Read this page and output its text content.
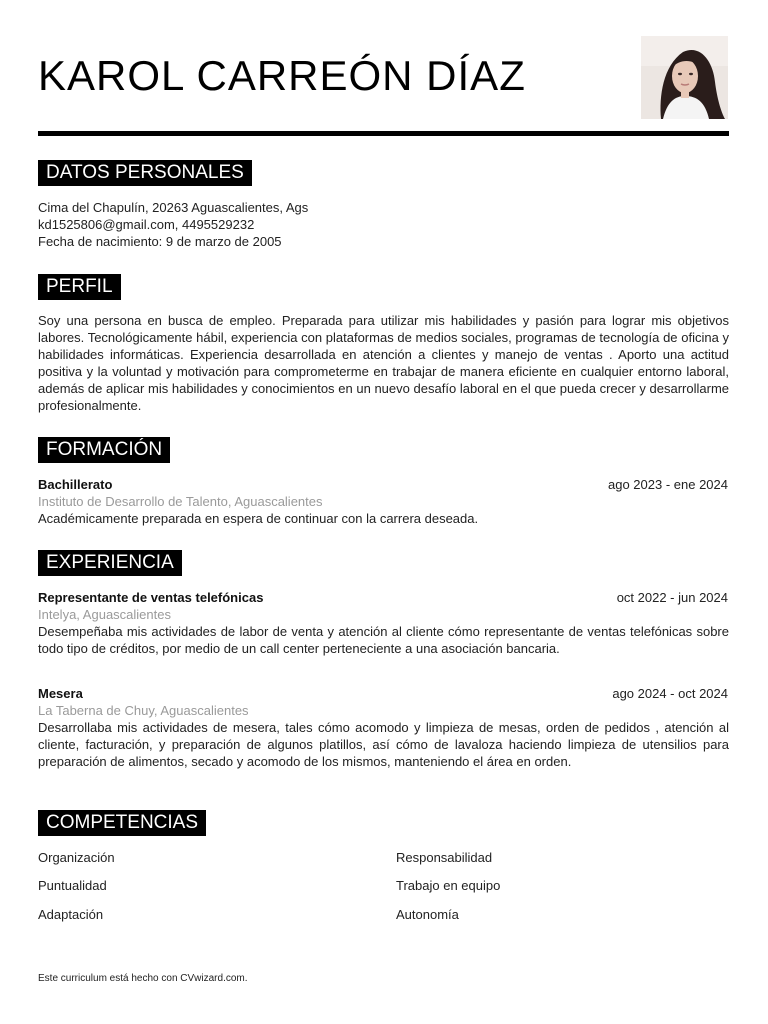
KAROL CARREÓN DÍAZ
DATOS PERSONALES
Cima del Chapulín, 20263 Aguascalientes, Ags
kd1525806@gmail.com, 4495529232
Fecha de nacimiento: 9 de marzo de 2005
PERFIL
Soy una persona en busca de empleo. Preparada para utilizar mis habilidades y pasión para lograr mis objetivos labores. Tecnológicamente hábil, experiencia con plataformas de medios sociales, programas de tecnología de oficina y habilidades informáticas. Experiencia desarrollada en atención a clientes y manejo de ventas . Aporto una actitud positiva y la voluntad y motivación para comprometerme en trabajar de manera eficiente en cualquier entorno laboral, además de aplicar mis habilidades y conocimientos en un nuevo desafío laboral en el que pueda crecer y desarrollarme profesionalmente.
FORMACIÓN
Bachillerato	ago 2023 - ene 2024
Instituto de Desarrollo de Talento, Aguascalientes
Académicamente preparada en espera de continuar con la carrera deseada.
EXPERIENCIA
Representante de ventas telefónicas	oct 2022 - jun 2024
Intelya, Aguascalientes
Desempeñaba mis actividades de labor de venta y atención al cliente cómo representante de ventas telefónicas sobre todo tipo de créditos, por medio de un call center perteneciente a una asociación bancaria.
Mesera	ago 2024 - oct 2024
La Taberna de Chuy, Aguascalientes
Desarrollaba mis actividades de mesera, tales cómo acomodo y limpieza de mesas, orden de pedidos , atención al cliente, facturación, y preparación de algunos platillos, así cómo de lavaloza haciendo limpieza de utensilios para preparación de alimentos, secado y acomodo de los mismos, manteniendo el área en orden.
COMPETENCIAS
Organización	Responsabilidad
Puntualidad	Trabajo en equipo
Adaptación	Autonomía
Este curriculum está hecho con CVwizard.com.
